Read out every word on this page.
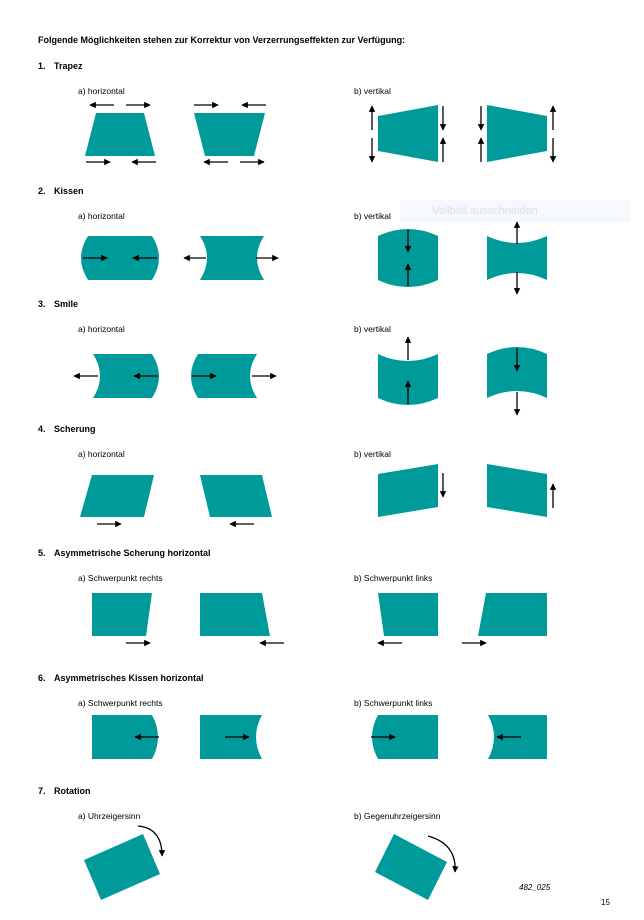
Folgende Möglichkeiten stehen zur Korrektur von Verzerrungseffekten zur Verfügung:
1. Trapez
a) horizontal	b) vertikal
2. Kissen
a) horizontal	b) vertikal
3. Smile
a) horizontal	b) vertikal
4. Scherung
a) horizontal	b) vertikal
5. Asymmetrische Scherung horizontal
a) Schwerpunkt rechts	b) Schwerpunkt links
6. Asymmetrisches Kissen horizontal
a) Schwerpunkt rechts	b) Schwerpunkt links
7. Rotation
a) Uhrzeigersinn	b) Gegenuhrzeigersinn
Vollbild ausschneiden
482_025
15
